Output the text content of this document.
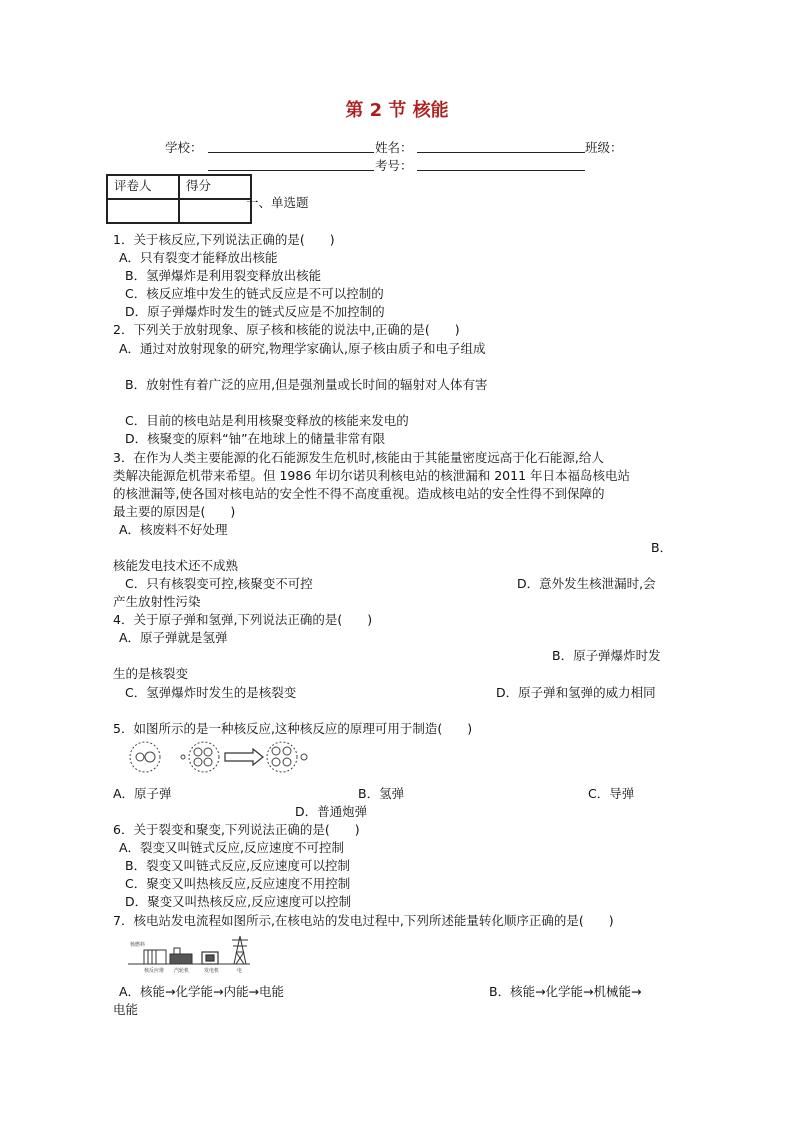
第 2 节 核能
学校：	姓名：	班级：
考号：
评卷人	得分

一、单选题
1．关于核反应,下列说法正确的是(　　)
A．只有裂变才能释放出核能
B．氢弹爆炸是利用裂变释放出核能
C．核反应堆中发生的链式反应是不可以控制的
D．原子弹爆炸时发生的链式反应是不加控制的
2．下列关于放射现象、原子核和核能的说法中,正确的是(　　)
A．通过对放射现象的研究,物理学家确认,原子核由质子和电子组成
B．放射性有着广泛的应用,但是强剂量或长时间的辐射对人体有害
C．目前的核电站是利用核聚变释放的核能来发电的
D．核聚变的原料“铀”在地球上的储量非常有限
3．在作为人类主要能源的化石能源发生危机时,核能由于其能量密度远高于化石能源,给人
类解决能源危机带来希望。但 1986 年切尔诺贝利核电站的核泄漏和 2011 年日本福岛核电站
的核泄漏等,使各国对核电站的安全性不得不高度重视。造成核电站的安全性得不到保障的
最主要的原因是(　　)
A．核废料不好处理
B．
核能发电技术还不成熟
C．只有核裂变可控,核聚变不可控	D．意外发生核泄漏时,会
产生放射性污染
4．关于原子弹和氢弹,下列说法正确的是(　　)
A．原子弹就是氢弹
B．原子弹爆炸时发
生的是核裂变
C．氢弹爆炸时发生的是核裂变	D．原子弹和氢弹的威力相同
5．如图所示的是一种核反应,这种核反应的原理可用于制造(　　)
A．原子弹	B．氢弹	C．导弹
D．普通炮弹
6．关于裂变和聚变,下列说法正确的是(　　)
A．裂变又叫链式反应,反应速度不可控制
B．裂变又叫链式反应,反应速度可以控制
C．聚变又叫热核反应,反应速度不用控制
D．聚变又叫热核反应,反应速度可以控制
7．核电站发电流程如图所示,在核电站的发电过程中,下列所述能量转化顺序正确的是(　　)
核燃料
核反应堆 汽轮机	发电机	电
A．核能→化学能→内能→电能	B．核能→化学能→机械能→
电能
